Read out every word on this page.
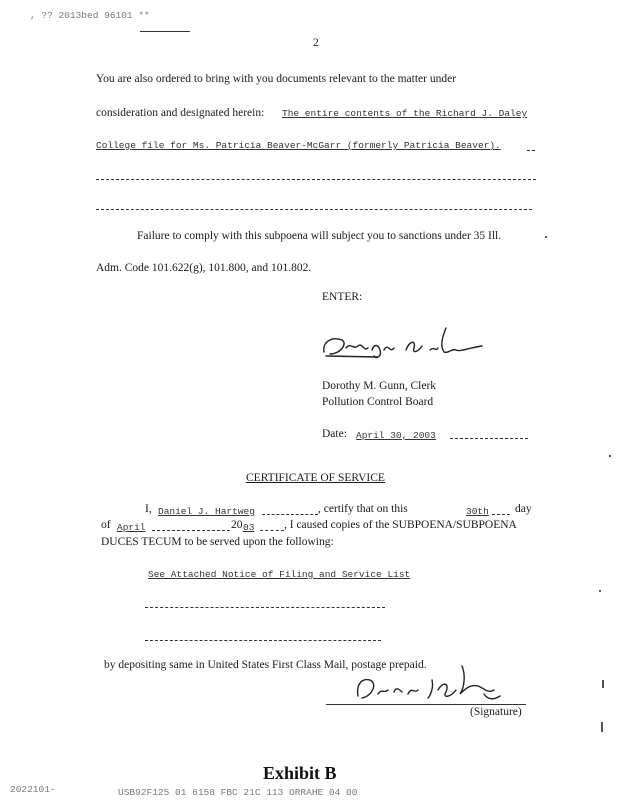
, ?? 2013bed 96101 **
2
You are also ordered to bring with you documents relevant to the matter under
consideration and designated herein: The entire contents of the Richard J. Daley
College file for Ms. Patricia Beaver-McGarr (formerly Patricia Beaver).
Failure to comply with this subpoena will subject you to sanctions under 35 Ill.
Adm. Code 101.622(g), 101.800, and 101.802.
ENTER:
Dorothy M. Gunn, Clerk
Pollution Control Board
Date: April 30, 2003
CERTIFICATE OF SERVICE
I, Daniel J. Hartweg	, certify that on this	30th day
of April	20 03	, I caused copies of the SUBPOENA/SUBPOENA
DUCES TECUM to be served upon the following:
See Attached Notice of Filing and Service List
by depositing same in United States First Class Mail, postage prepaid.
(Signature)
Exhibit B
2022101-	USB92F125 01 6158 FBC 21C 113 ORRAHE 04 00
